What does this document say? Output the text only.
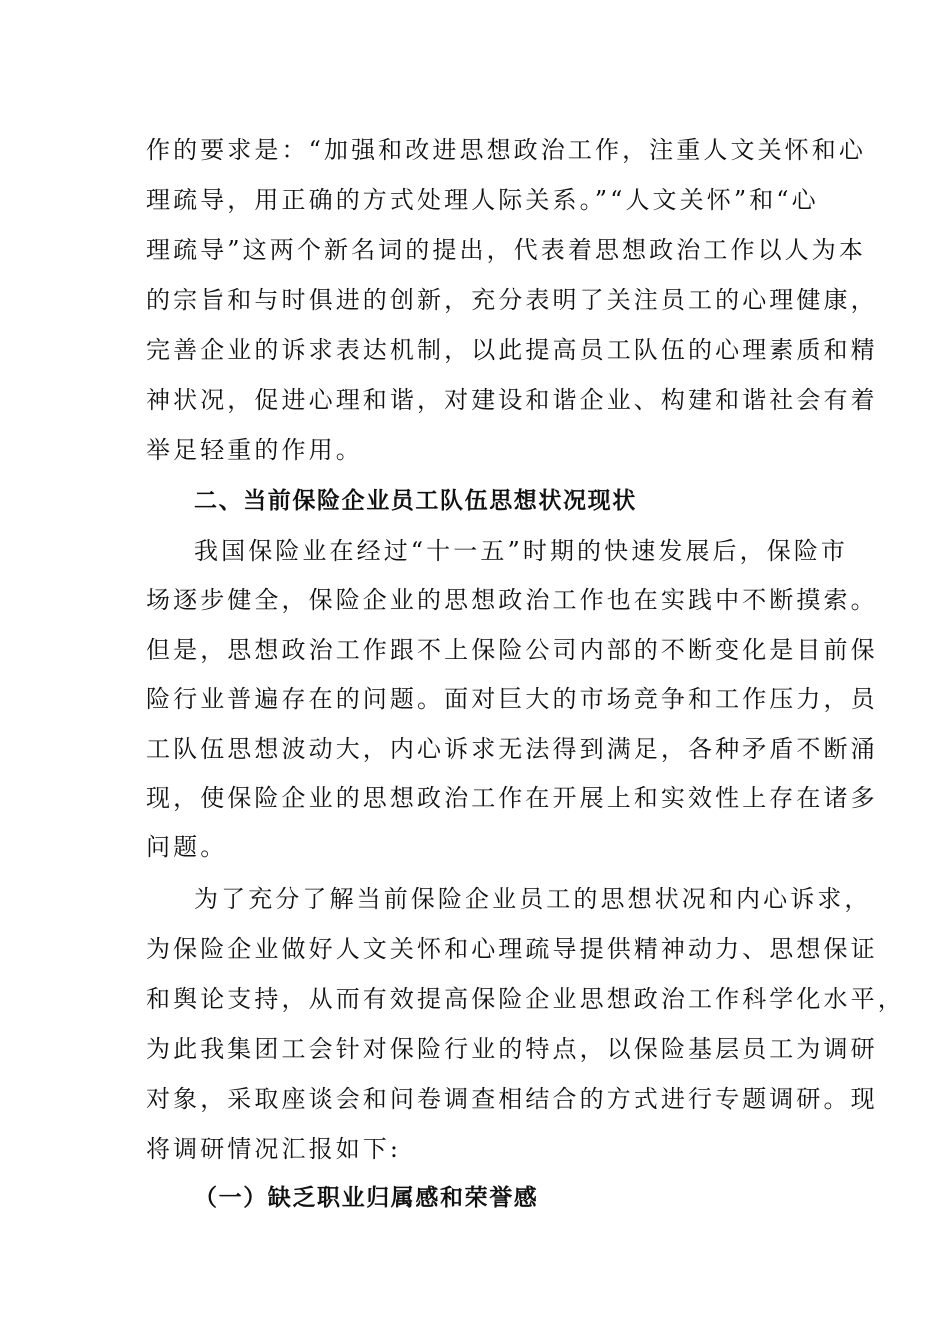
作的要求是：“加强和改进思想政治工作，注重人文关怀和心
理疏导，用正确的方式处理人际关系。”“人文关怀”和“心
理疏导”这两个新名词的提出，代表着思想政治工作以人为本
的宗旨和与时俱进的创新，充分表明了关注员工的心理健康，
完善企业的诉求表达机制，以此提高员工队伍的心理素质和精
神状况，促进心理和谐，对建设和谐企业、构建和谐社会有着
举足轻重的作用。
二、当前保险企业员工队伍思想状况现状
我国保险业在经过“十一五”时期的快速发展后，保险市
场逐步健全，保险企业的思想政治工作也在实践中不断摸索。
但是，思想政治工作跟不上保险公司内部的不断变化是目前保
险行业普遍存在的问题。面对巨大的市场竞争和工作压力，员
工队伍思想波动大，内心诉求无法得到满足，各种矛盾不断涌
现，使保险企业的思想政治工作在开展上和实效性上存在诸多
问题。
为了充分了解当前保险企业员工的思想状况和内心诉求，
为保险企业做好人文关怀和心理疏导提供精神动力、思想保证
和舆论支持，从而有效提高保险企业思想政治工作科学化水平，
为此我集团工会针对保险行业的特点，以保险基层员工为调研
对象，采取座谈会和问卷调查相结合的方式进行专题调研。现
将调研情况汇报如下:
（一）缺乏职业归属感和荣誉感
